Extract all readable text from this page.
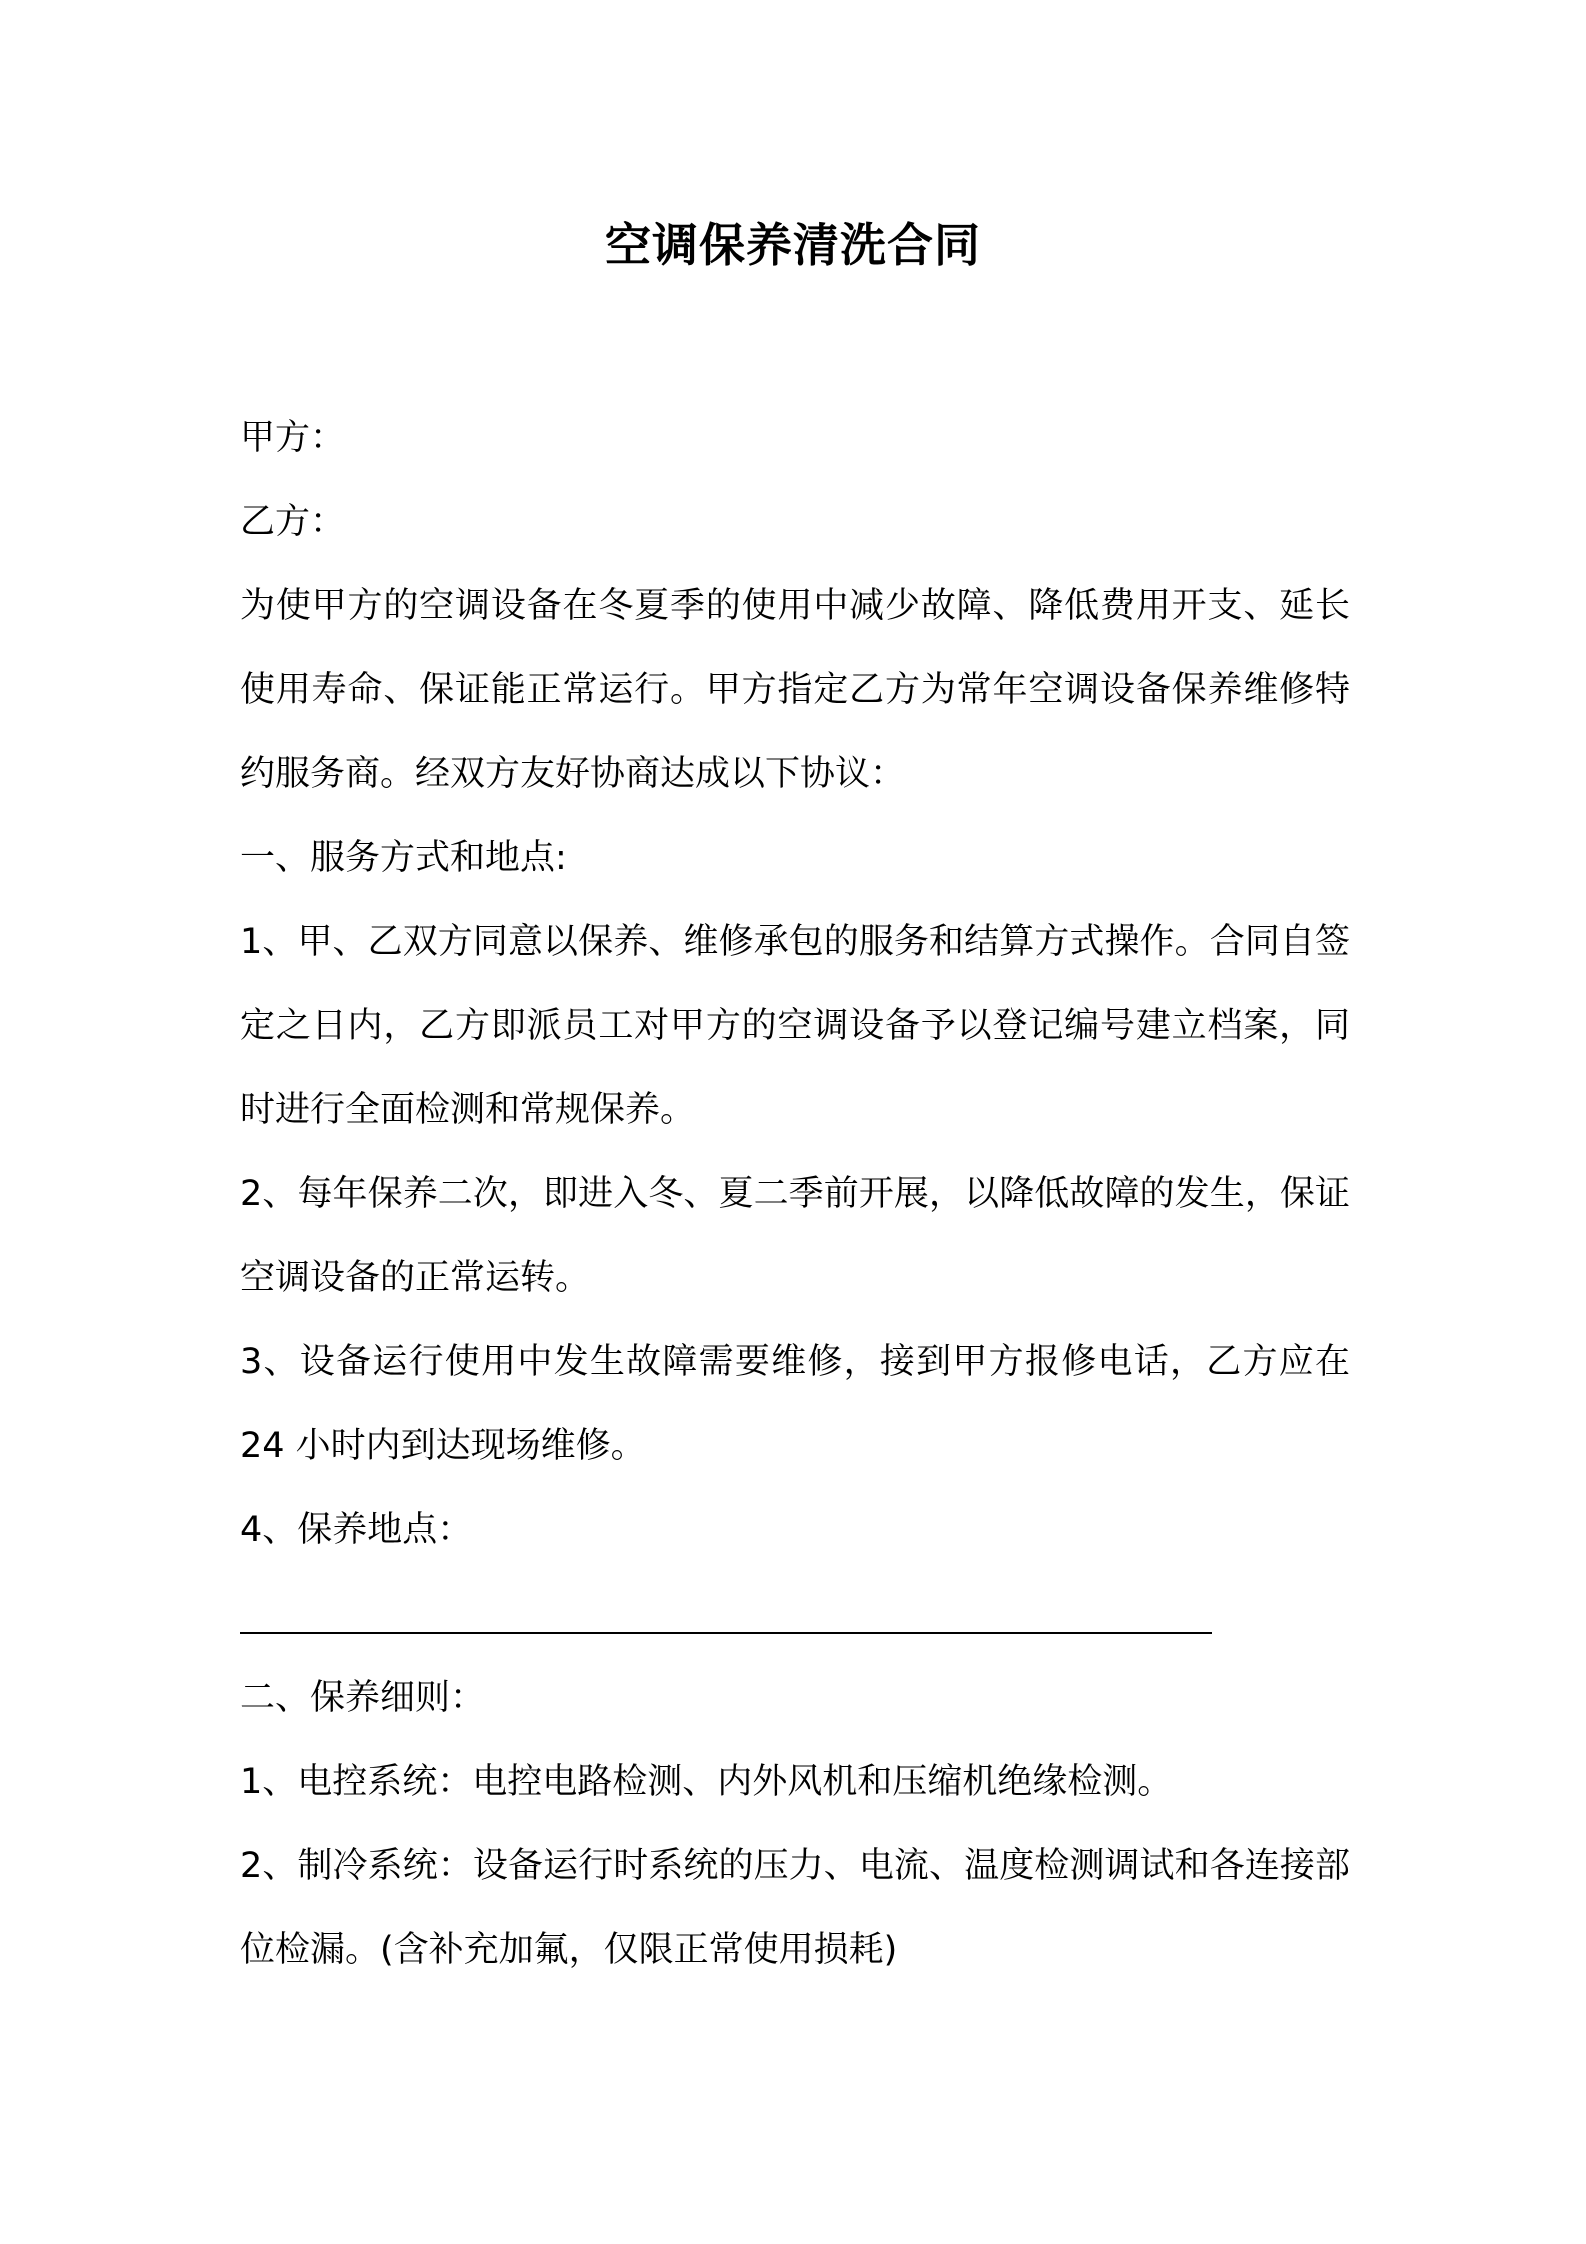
空调保养清洗合同
甲方：
乙方：
为使甲方的空调设备在冬夏季的使用中减少故障、降低费用开支、延长使用寿命、保证能正常运行。甲方指定乙方为常年空调设备保养维修特约服务商。经双方友好协商达成以下协议：
一、服务方式和地点:
1、甲、乙双方同意以保养、维修承包的服务和结算方式操作。合同自签定之日内，乙方即派员工对甲方的空调设备予以登记编号建立档案，同时进行全面检测和常规保养。
2、每年保养二次，即进入冬、夏二季前开展，以降低故障的发生，保证空调设备的正常运转。
3、设备运行使用中发生故障需要维修，接到甲方报修电话，乙方应在 24 小时内到达现场维修。
4、保养地点：
二、保养细则：
1、电控系统：电控电路检测、内外风机和压缩机绝缘检测。
2、制冷系统：设备运行时系统的压力、电流、温度检测调试和各连接部位检漏。(含补充加氟，仅限正常使用损耗)
